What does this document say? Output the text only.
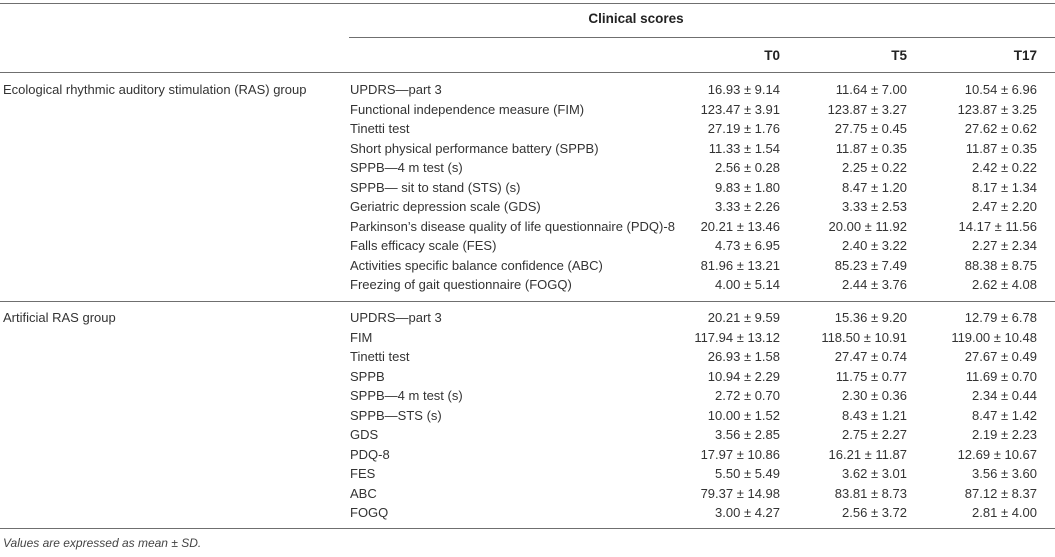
Clinical scores
T0	T5	T17
Ecological rhythmic auditory stimulation (RAS) group	UPDRS—part 3	16.93 ± 9.14	11.64 ± 7.00	10.54 ± 6.96
Functional independence measure (FIM)	123.47 ± 3.91	123.87 ± 3.27	123.87 ± 3.25
Tinetti test	27.19 ± 1.76	27.75 ± 0.45	27.62 ± 0.62
Short physical performance battery (SPPB)	11.33 ± 1.54	11.87 ± 0.35	11.87 ± 0.35
SPPB—4 m test (s)	2.56 ± 0.28	2.25 ± 0.22	2.42 ± 0.22
SPPB— sit to stand (STS) (s)	9.83 ± 1.80	8.47 ± 1.20	8.17 ± 1.34
Geriatric depression scale (GDS)	3.33 ± 2.26	3.33 ± 2.53	2.47 ± 2.20
Parkinson’s disease quality of life questionnaire (PDQ)-8 20.21 ± 13.46	20.00 ± 11.92	14.17 ± 11.56
Falls efficacy scale (FES)	4.73 ± 6.95	2.40 ± 3.22	2.27 ± 2.34
Activities specific balance confidence (ABC)	81.96 ± 13.21	85.23 ± 7.49	88.38 ± 8.75
Freezing of gait questionnaire (FOGQ)	4.00 ± 5.14	2.44 ± 3.76	2.62 ± 4.08
Artificial RAS group	UPDRS—part 3	20.21 ± 9.59	15.36 ± 9.20	12.79 ± 6.78
FIM	117.94 ± 13.12	118.50 ± 10.91	119.00 ± 10.48
Tinetti test	26.93 ± 1.58	27.47 ± 0.74	27.67 ± 0.49
SPPB	10.94 ± 2.29	11.75 ± 0.77	11.69 ± 0.70
SPPB—4 m test (s)	2.72 ± 0.70	2.30 ± 0.36	2.34 ± 0.44
SPPB—STS (s)	10.00 ± 1.52	8.43 ± 1.21	8.47 ± 1.42
GDS	3.56 ± 2.85	2.75 ± 2.27	2.19 ± 2.23
PDQ-8	17.97 ± 10.86	16.21 ± 11.87	12.69 ± 10.67
FES	5.50 ± 5.49	3.62 ± 3.01	3.56 ± 3.60
ABC	79.37 ± 14.98	83.81 ± 8.73	87.12 ± 8.37
FOGQ	3.00 ± 4.27	2.56 ± 3.72	2.81 ± 4.00
Values are expressed as mean ± SD.
